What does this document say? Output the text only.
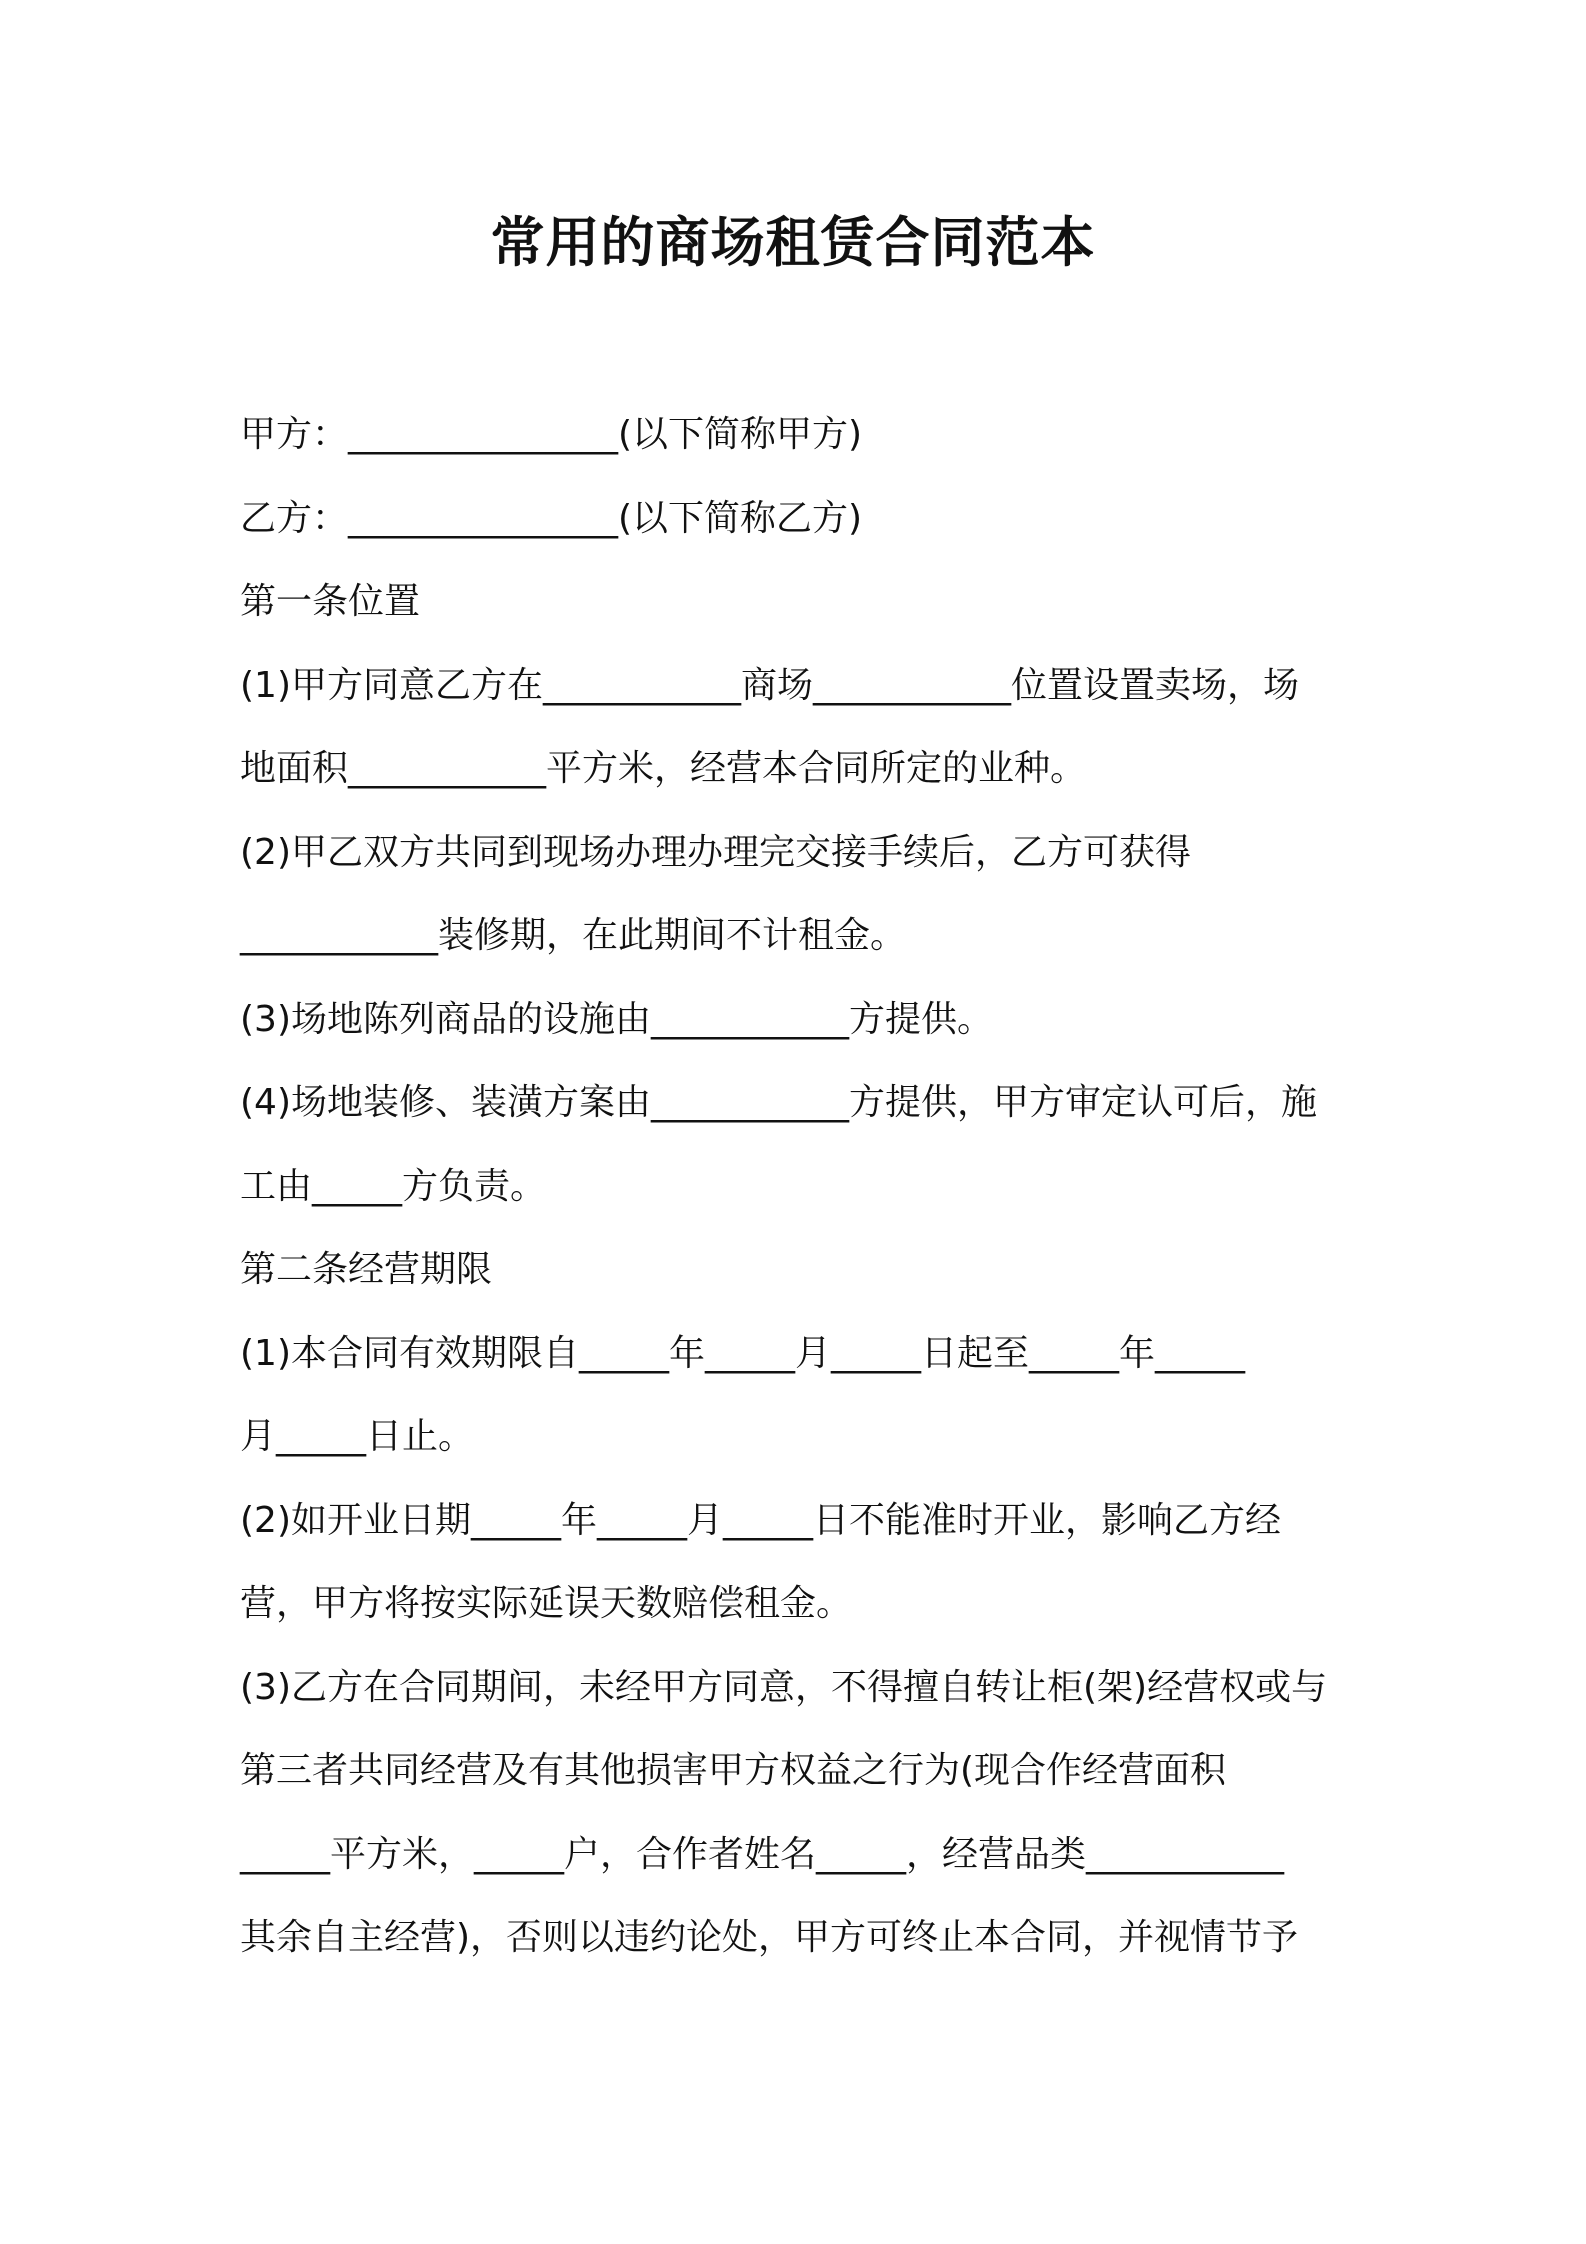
常用的商场租赁合同范本

甲方：_______________(以下简称甲方)

乙方：_______________(以下简称乙方)

第一条位置

(1)甲方同意乙方在___________商场___________位置设置卖场，场

地面积___________平方米，经营本合同所定的业种。

(2)甲乙双方共同到现场办理办理完交接手续后，乙方可获得

___________装修期，在此期间不计租金。

(3)场地陈列商品的设施由___________方提供。

(4)场地装修、装潢方案由___________方提供，甲方审定认可后，施

工由_____方负责。

第二条经营期限

(1)本合同有效期限自_____年_____月_____日起至_____年_____

月_____日止。

(2)如开业日期_____年_____月_____日不能准时开业，影响乙方经

营，甲方将按实际延误天数赔偿租金。

(3)乙方在合同期间，未经甲方同意，不得擅自转让柜(架)经营权或与

第三者共同经营及有其他损害甲方权益之行为(现合作经营面积

_____平方米，_____户，合作者姓名_____，经营品类___________

其余自主经营)，否则以违约论处，甲方可终止本合同，并视情节予
